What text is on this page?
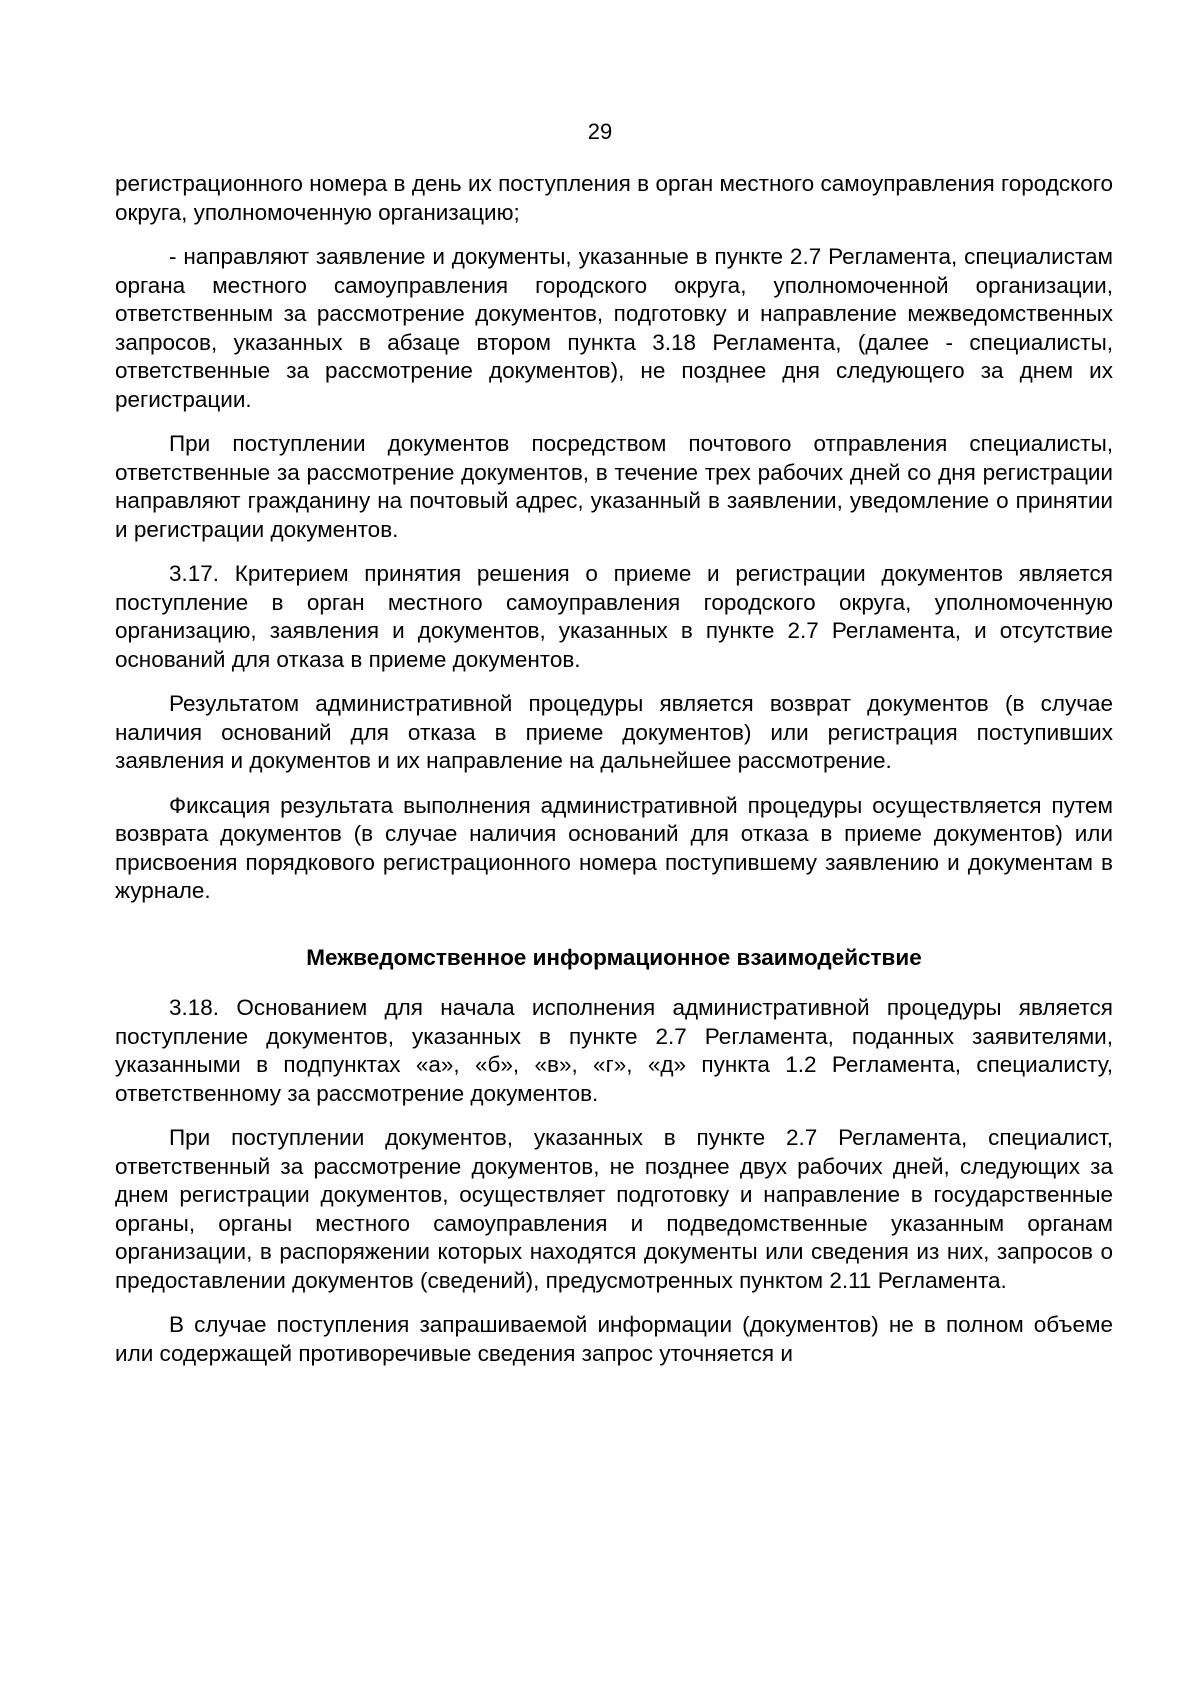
29

регистрационного номера в день их поступления в орган местного самоуправления городского округа, уполномоченную организацию;

- направляют заявление и документы, указанные в пункте 2.7 Регламента, специалистам органа местного самоуправления городского округа, уполномоченной организации, ответственным за рассмотрение документов, подготовку и направление межведомственных запросов, указанных в абзаце втором пункта 3.18 Регламента, (далее - специалисты, ответственные за рассмотрение документов), не позднее дня следующего за днем их регистрации.

При поступлении документов посредством почтового отправления специалисты, ответственные за рассмотрение документов, в течение трех рабочих дней со дня регистрации направляют гражданину на почтовый адрес, указанный в заявлении, уведомление о принятии и регистрации документов.

3.17. Критерием принятия решения о приеме и регистрации документов является поступление в орган местного самоуправления городского округа, уполномоченную организацию, заявления и документов, указанных в пункте 2.7 Регламента, и отсутствие оснований для отказа в приеме документов.

Результатом административной процедуры является возврат документов (в случае наличия оснований для отказа в приеме документов) или регистрация поступивших заявления и документов и их направление на дальнейшее рассмотрение.

Фиксация результата выполнения административной процедуры осуществляется путем возврата документов (в случае наличия оснований для отказа в приеме документов) или присвоения порядкового регистрационного номера поступившему заявлению и документам в журнале.

Межведомственное информационное взаимодействие

3.18. Основанием для начала исполнения административной процедуры является поступление документов, указанных в пункте 2.7 Регламента, поданных заявителями, указанными в подпунктах «а», «б», «в», «г», «д» пункта 1.2 Регламента, специалисту, ответственному за рассмотрение документов.

При поступлении документов, указанных в пункте 2.7 Регламента, специалист, ответственный за рассмотрение документов, не позднее двух рабочих дней, следующих за днем регистрации документов, осуществляет подготовку и направление в государственные органы, органы местного самоуправления и подведомственные указанным органам организации, в распоряжении которых находятся документы или сведения из них, запросов о предоставлении документов (сведений), предусмотренных пунктом 2.11 Регламента.

В случае поступления запрашиваемой информации (документов) не в полном объеме или содержащей противоречивые сведения запрос уточняется и
